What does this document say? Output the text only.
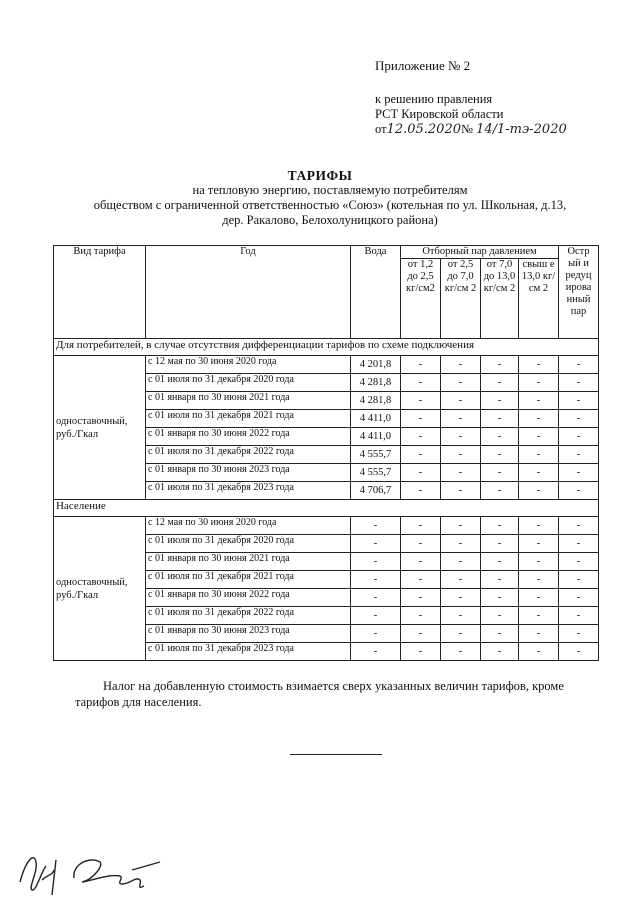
Приложение № 2
к решению правления
РСТ Кировской области
от12.05.2020№ 14/1-тэ-2020
ТАРИФЫ
на тепловую энергию, поставляемую потребителям
обществом с ограниченной ответственностью «Союз» (котельная по ул. Школьная, д.13,
дер. Ракалово, Белохолуницкого района)
Вид тарифа	Год	Вода	Отборный пар давлением				Остр ый и редуц ирова нный пар
			от 1,2 до 2,5 кг/см2	от 2,5 до 7,0 кг/см 2	от 7,0 до 13,0 кг/см 2	свыш е 13,0 кг/см 2	
Для потребителей, в случае отсутствия дифференциации тарифов по схеме подключения							
одноставочный, руб./Гкал	с 12 мая по 30 июня 2020 года	4 201,8	-	-	-	-	-
	с 01 июля по 31 декабря 2020 года	4 281,8	-	-	-	-	-
	с 01 января по 30 июня 2021 года	4 281,8	-	-	-	-	-
	с 01 июля по 31 декабря 2021 года	4 411,0	-	-	-	-	-
	с 01 января по 30 июня 2022 года	4 411,0	-	-	-	-	-
	с 01 июля по 31 декабря 2022 года	4 555,7	-	-	-	-	-
	с 01 января по 30 июня 2023 года	4 555,7	-	-	-	-	-
	с 01 июля по 31 декабря 2023 года	4 706,7	-	-	-	-	-
Население							
одноставочный, руб./Гкал	с 12 мая по 30 июня 2020 года	-	-	-	-	-	-
	с 01 июля по 31 декабря 2020 года	-	-	-	-	-	-
	с 01 января по 30 июня 2021 года	-	-	-	-	-	-
	с 01 июля по 31 декабря 2021 года	-	-	-	-	-	-
	с 01 января по 30 июня 2022 года	-	-	-	-	-	-
	с 01 июля по 31 декабря 2022 года	-	-	-	-	-	-
	с 01 января по 30 июня 2023 года	-	-	-	-	-	-
	с 01 июля по 31 декабря 2023 года	-	-	-	-	-	-
Налог на добавленную стоимость взимается сверх указанных величин тарифов, кроме тарифов для населения.
